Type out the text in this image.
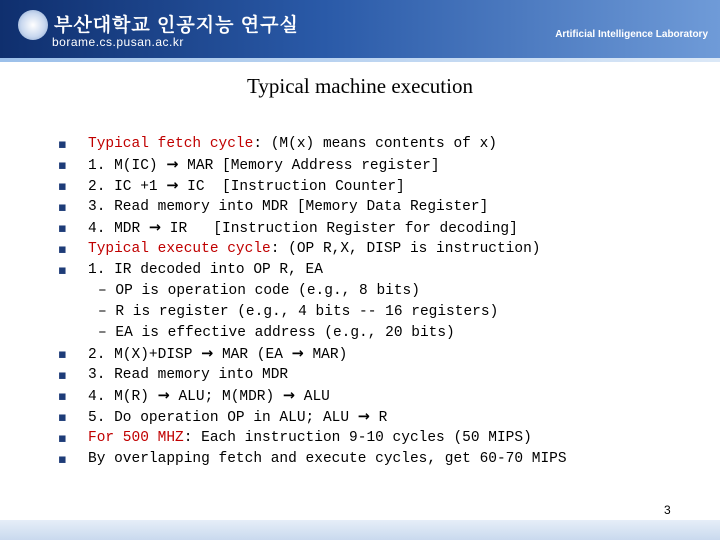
부산대학교 인공지능 연구실
borame.cs.pusan.ac.kr
Artificial Intelligence Laboratory
Typical machine execution
Typical fetch cycle: (M(x) means contents of x)
1. M(IC) → MAR [Memory Address register]
2. IC +1 → IC  [Instruction Counter]
3. Read memory into MDR [Memory Data Register]
4. MDR → IR   [Instruction Register for decoding]
Typical execute cycle: (OP R,X, DISP is instruction)
1. IR decoded into OP R, EA
– OP is operation code (e.g., 8 bits)
– R is register (e.g., 4 bits -- 16 registers)
– EA is effective address (e.g., 20 bits)
2. M(X)+DISP → MAR (EA → MAR)
3. Read memory into MDR
4. M(R) → ALU; M(MDR) → ALU
5. Do operation OP in ALU; ALU → R
For 500 MHZ: Each instruction 9-10 cycles (50 MIPS)
By overlapping fetch and execute cycles, get 60-70 MIPS
3
